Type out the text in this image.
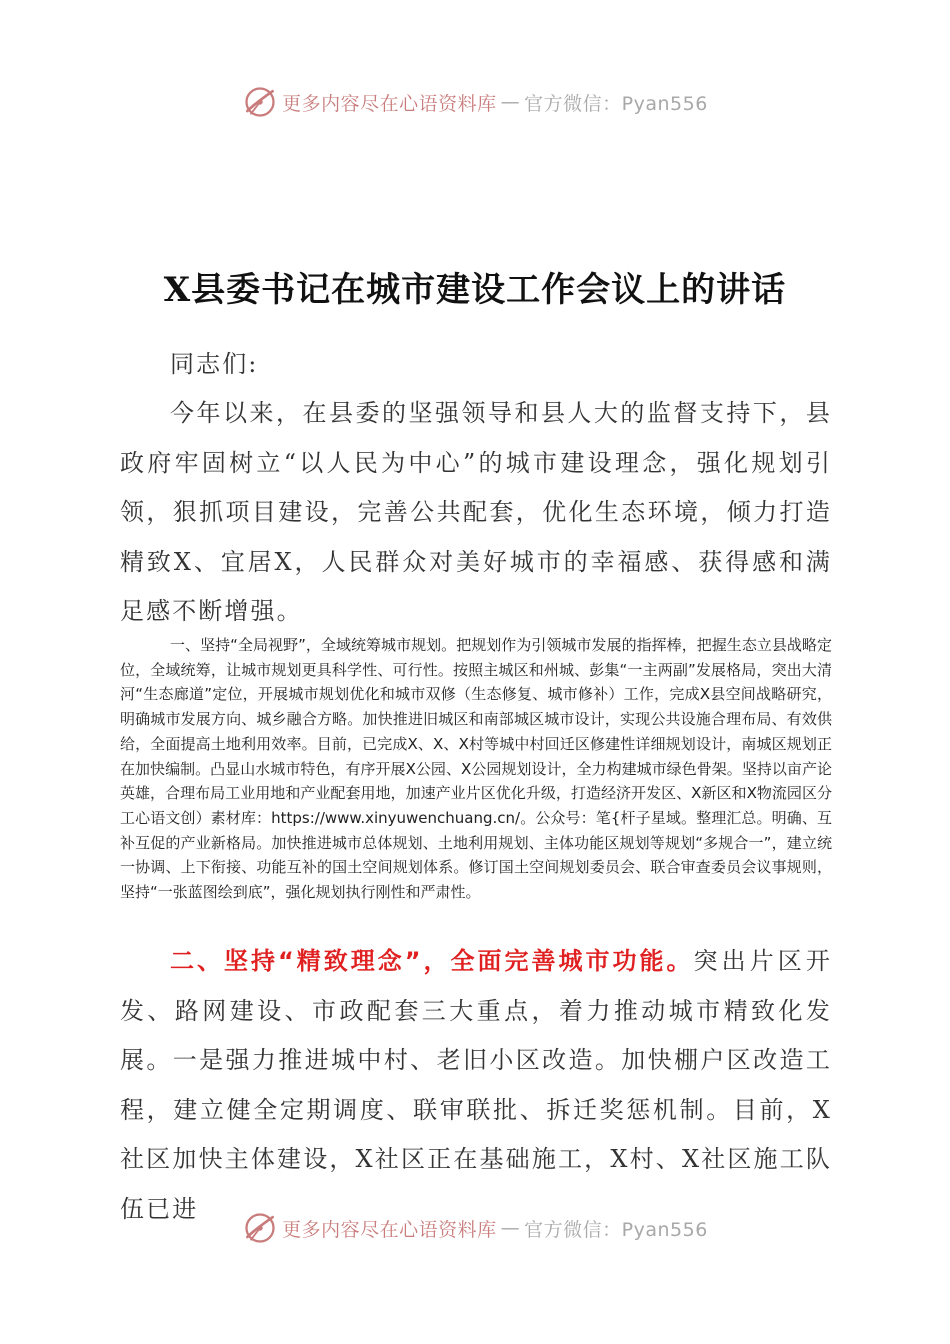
更多内容尽在心语资料库 — 官方微信：Pyan556
X县委书记在城市建设工作会议上的讲话

同志们:

今年以来，在县委的坚强领导和县人大的监督支持下，县政府牢固树立“以人民为中心”的城市建设理念，强化规划引领，狠抓项目建设，完善公共配套，优化生态环境，倾力打造精致X、宜居X，人民群众对美好城市的幸福感、获得感和满足感不断增强。

一、坚持“全局视野”，全域统筹城市规划。把规划作为引领城市发展的指挥棒，把握生态立县战略定位，全域统筹，让城市规划更具科学性、可行性。按照主城区和州城、彭集“一主两副”发展格局，突出大清河“生态廊道”定位，开展城市规划优化和城市双修（生态修复、城市修补）工作，完成X县空间战略研究，明确城市发展方向、城乡融合方略。加快推进旧城区和南部城区城市设计，实现公共设施合理布局、有效供给，全面提高土地利用效率。目前，已完成X、X、X村等城中村回迁区修建性详细规划设计，南城区规划正在加快编制。凸显山水城市特色，有序开展X公园、X公园规划设计，全力构建城市绿色骨架。坚持以亩产论英雄，合理布局工业用地和产业配套用地，加速产业片区优化升级，打造经济开发区、X新区和X物流园区分工心语文创）素材库：https://www.xinyuwenchuang.cn/。公众号：笔{杆子星域。整理汇总。明确、互补互促的产业新格局。加快推进城市总体规划、土地利用规划、主体功能区规划等规划“多规合一”，建立统一协调、上下衔接、功能互补的国土空间规划体系。修订国土空间规划委员会、联合审查委员会议事规则，坚持“一张蓝图绘到底”，强化规划执行刚性和严肃性。

二、坚持“精致理念”，全面完善城市功能。突出片区开发、路网建设、市政配套三大重点，着力推动城市精致化发展。一是强力推进城中村、老旧小区改造。加快棚户区改造工程，建立健全定期调度、联审联批、拆迁奖惩机制。目前，X社区加快主体建设，X社区正在基础施工，X村、X社区施工队伍已进

更多内容尽在心语资料库 — 官方微信：Pyan556
